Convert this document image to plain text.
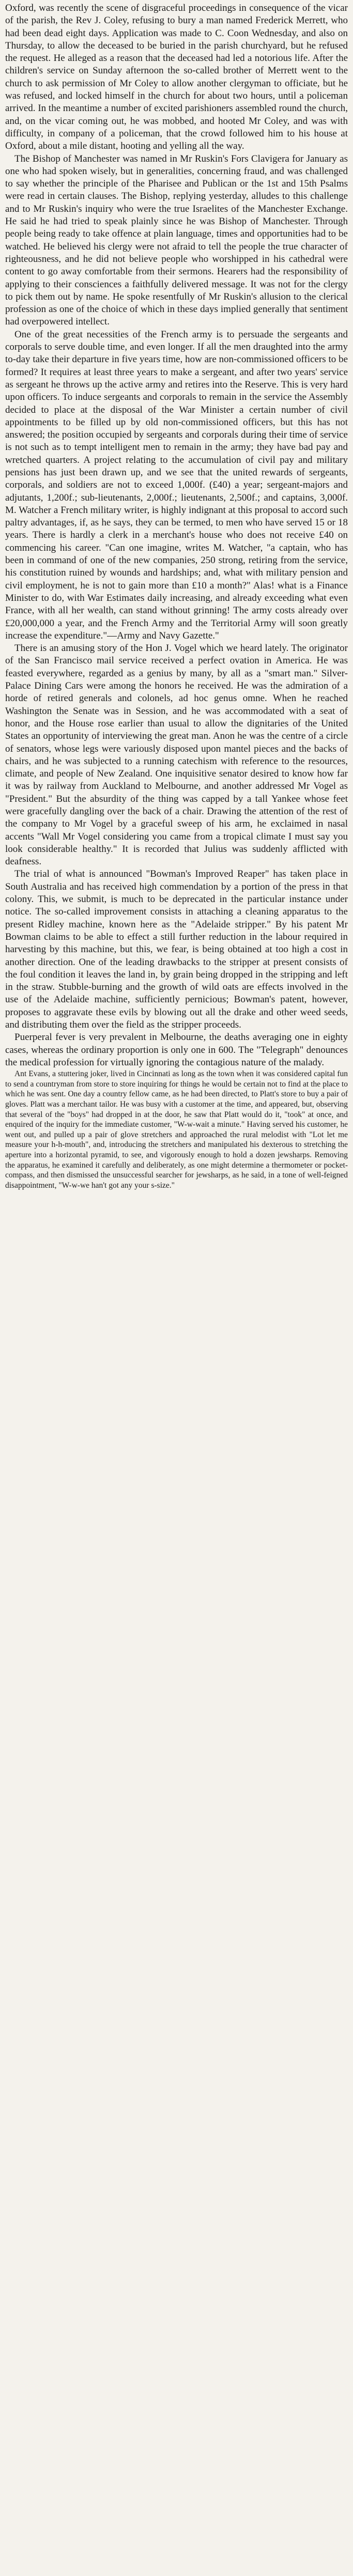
Oxford, was recently the scene of disgraceful proceedings in consequence of the vicar of the parish, the Rev J. Coley, refusing to bury a man named Frederick Merrett, who had been dead eight days. Application was made to C. Coon Wednesday, and also on Thursday, to allow the deceased to be buried in the parish churchyard, but he refused the request. He alleged as a reason that the deceased had led a notorious life. After the children's service on Sunday afternoon the so-called brother of Merrett went to the church to ask permission of Mr Coley to allow another clergyman to officiate, but he was refused, and locked himself in the church for about two hours, until a policeman arrived. In the meantime a number of excited parishioners assembled round the church, and, on the vicar coming out, he was mobbed, and hooted Mr Coley, and was with difficulty, in company of a policeman, that the crowd followed him to his house at Oxford, about a mile distant, hooting and yelling all the way.

The Bishop of Manchester was named in Mr Ruskin's Fors Clavigera for January as one who had spoken wisely, but in generalities, concerning fraud, and was challenged to say whether the principle of the Pharisee and Publican or the 1st and 15th Psalms were read in certain clauses. The Bishop, replying yesterday, alludes to this challenge and to Mr Ruskin's inquiry who were the true Israelites of the Manchester Exchange. He said he had tried to speak plainly since he was Bishop of Manchester. Through people being ready to take offence at plain language, times and opportunities had to be watched. He believed his clergy were not afraid to tell the people the true character of righteousness, and he did not believe people who worshipped in his cathedral were content to go away comfortable from their sermons. Hearers had the responsibility of applying to their consciences a faithfully delivered message. It was not for the clergy to pick them out by name. He spoke resentfully of Mr Ruskin's allusion to the clerical profession as one of the choice of which in these days implied generally that sentiment had overpowered intellect.

One of the great necessities of the French army is to persuade the sergeants and corporals to serve double time, and even longer. If all the men draughted into the army to-day take their departure in five years time, how are non-commissioned officers to be formed? It requires at least three years to make a sergeant, and after two years' service as sergeant he throws up the active army and retires into the Reserve. This is very hard upon officers. To induce sergeants and corporals to remain in the service the Assembly decided to place at the disposal of the War Minister a certain number of civil appointments to be filled up by old non-commissioned officers, but this has not answered; the position occupied by sergeants and corporals during their time of service is not such as to tempt intelligent men to remain in the army; they have bad pay and wretched quarters. A project relating to the accumulation of civil pay and military pensions has just been drawn up, and we see that the united rewards of sergeants, corporals, and soldiers are not to exceed 1,000f. (£40) a year; sergeant-majors and adjutants, 1,200f.; sub-lieutenants, 2,000f.; lieutenants, 2,500f.; and captains, 3,000f. M. Watcher a French military writer, is highly indignant at this proposal to accord such paltry advantages, if, as he says, they can be termed, to men who have served 15 or 18 years. There is hardly a clerk in a merchant's house who does not receive £40 on commencing his career. "Can one imagine, writes M. Watcher, "a captain, who has been in command of one of the new companies, 250 strong, retiring from the service, his constitution ruined by wounds and hardships; and, what with military pension and civil employment, he is not to gain more than £10 a month?" Alas! what is a Finance Minister to do, with War Estimates daily increasing, and already exceeding what even France, with all her wealth, can stand without grinning! The army costs already over £20,000,000 a year, and the French Army and the Territorial Army will soon greatly increase the expenditure."—Army and Navy Gazette."

There is an amusing story of the Hon J. Vogel which we heard lately. The originator of the San Francisco mail service received a perfect ovation in America. He was feasted everywhere, regarded as a genius by many, by all as a "smart man." Silver-Palace Dining Cars were among the honors he received. He was the admiration of a horde of retired generals and colonels, ad hoc genus omne. When he reached Washington the Senate was in Session, and he was accommodated with a seat of honor, and the House rose earlier than usual to allow the dignitaries of the United States an opportunity of interviewing the great man. Anon he was the centre of a circle of senators, whose legs were variously disposed upon mantel pieces and the backs of chairs, and he was subjected to a running catechism with reference to the resources, climate, and people of New Zealand. One inquisitive senator desired to know how far it was by railway from Auckland to Melbourne, and another addressed Mr Vogel as "President." But the absurdity of the thing was capped by a tall Yankee whose feet were gracefully dangling over the back of a chair. Drawing the attention of the rest of the company to Mr Vogel by a graceful sweep of his arm, he exclaimed in nasal accents "Wall Mr Vogel considering you came from a tropical climate I must say you look considerable healthy." It is recorded that Julius was suddenly afflicted with deafness.

The trial of what is announced "Bowman's Improved Reaper" has taken place in South Australia and has received high commendation by a portion of the press in that colony. This, we submit, is much to be deprecated in the particular instance under notice. The so-called improvement consists in attaching a cleaning apparatus to the present Ridley machine, known here as the "Adelaide stripper." By his patent Mr Bowman claims to be able to effect a still further reduction in the labour required in harvesting by this machine, but this, we fear, is being obtained at too high a cost in another direction. One of the leading drawbacks to the stripper at present consists of the foul condition it leaves the land in, by grain being dropped in the stripping and left in the straw. Stubble-burning and the growth of wild oats are effects involved in the use of the Adelaide machine, sufficiently pernicious; Bowman's patent, however, proposes to aggravate these evils by blowing out all the drake and other weed seeds, and distributing them over the field as the stripper proceeds.

Puerperal fever is very prevalent in Melbourne, the deaths averaging one in eighty cases, whereas the ordinary proportion is only one in 600. The "Telegraph" denounces the medical profession for virtually ignoring the contagious nature of the malady.

Ant Evans, a stuttering joker, lived in Cincinnati as long as the town when it was considered capital fun to send a countryman from store to store inquiring for things he would be certain not to find at the place to which he was sent. One day a country fellow came, as he had been directed, to Platt's store to buy a pair of gloves. Platt was a merchant tailor. He was busy with a customer at the time, and appeared, but, observing that several of the "boys" had dropped in at the door, he saw that Platt would do it, "took" at once, and enquired of the inquiry for the immediate customer, "W-w-wait a minute." Having served his customer, he went out, and pulled up a pair of glove stretchers and approached the rural melodist with "Lot let me measure your h-h-mouth", and, introducing the stretchers and manipulated his dexterous to stretching the aperture into a horizontal pyramid, to see, and vigorously enough to hold a dozen jewsharps. Removing the apparatus, he examined it carefully and deliberately, as one might determine a thermometer or pocket-compass, and then dismissed the unsuccessful searcher for jewsharps, as he said, in a tone of well-feigned disappointment, "W-w-we han't got any your s-size."
